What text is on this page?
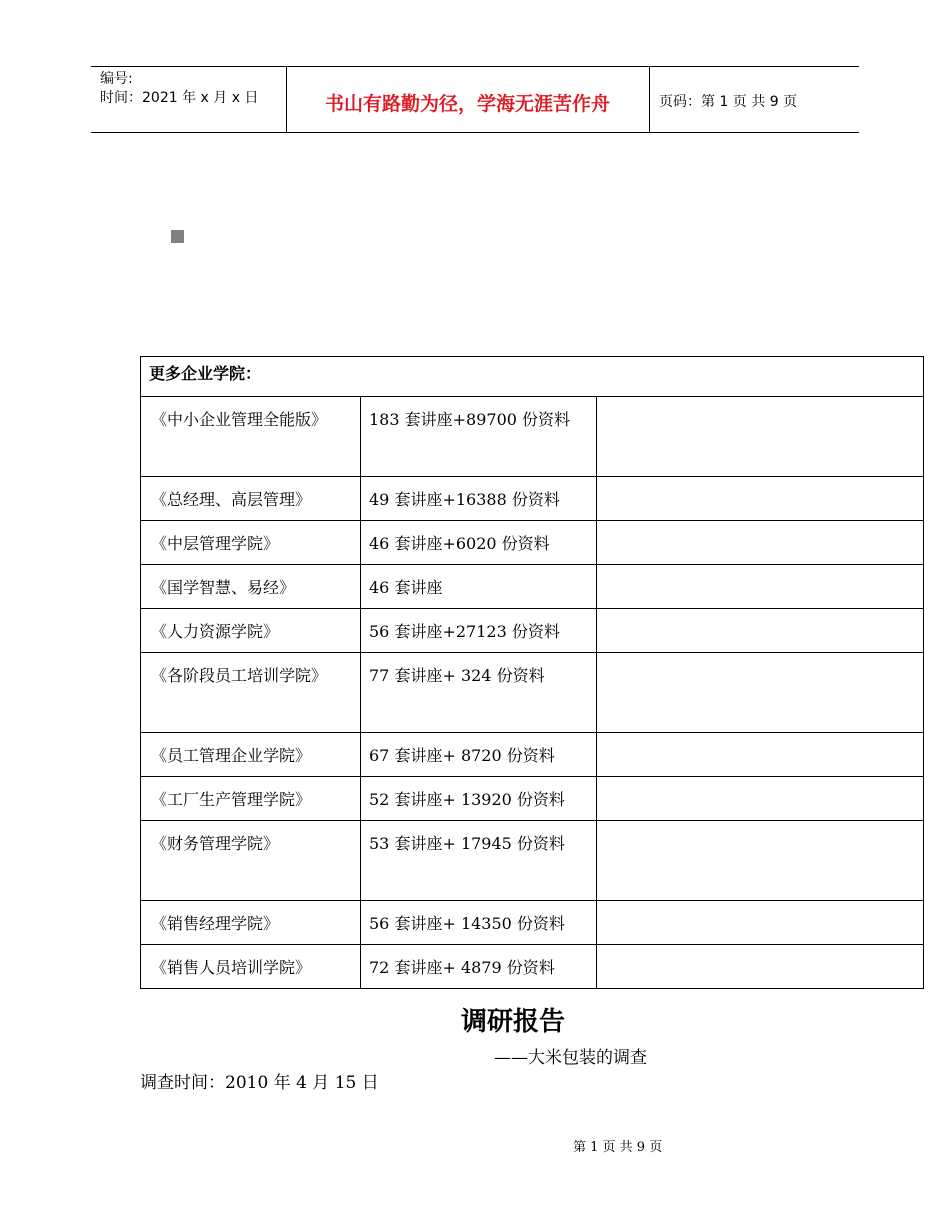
编号:
时间：2021 年 x 月 x 日	书山有路勤为径，学海无涯苦作舟	页码：第 1 页 共 9 页
更多企业学院：		
《中小企业管理全能版》	183 套讲座+89700 份资料	
《总经理、高层管理》	49 套讲座+16388 份资料	
《中层管理学院》	46 套讲座+6020 份资料	
《国学智慧、易经》	46 套讲座	
《人力资源学院》	56 套讲座+27123 份资料	
《各阶段员工培训学院》	77 套讲座+ 324 份资料	
《员工管理企业学院》	67 套讲座+ 8720 份资料	
《工厂生产管理学院》	52 套讲座+ 13920 份资料	
《财务管理学院》	53 套讲座+ 17945 份资料	
《销售经理学院》	56 套讲座+ 14350 份资料	
《销售人员培训学院》	72 套讲座+ 4879 份资料	
调研报告
——大米包装的调查
调查时间：2010 年 4 月 15 日
第 1 页 共 9 页
